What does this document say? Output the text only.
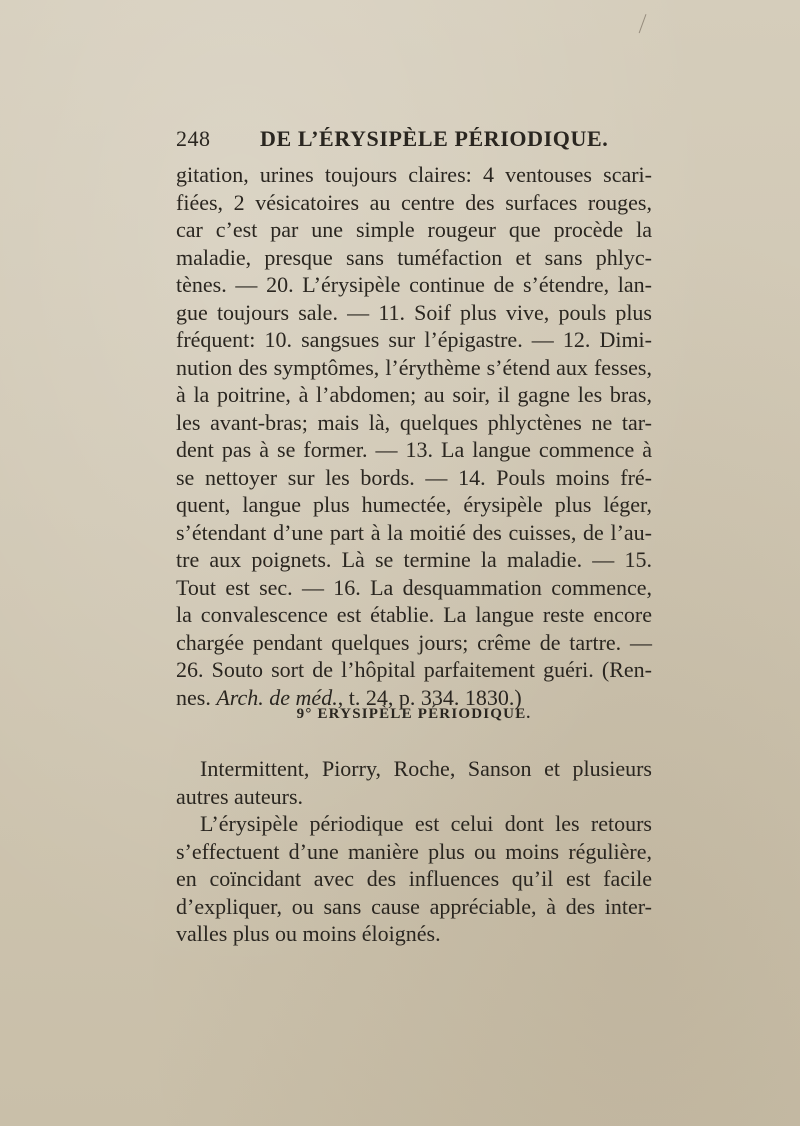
248 DE L’ÉRYSIPÈLE PÉRIODIQUE.
gitation, urines toujours claires: 4 ventouses scari-
fiées, 2 vésicatoires au centre des surfaces rouges,
car c’est par une simple rougeur que procède la
maladie, presque sans tuméfaction et sans phlyc-
tènes. — 20. L’érysipèle continue de s’étendre, lan-
gue toujours sale. — 11. Soif plus vive, pouls plus
fréquent: 10. sangsues sur l’épigastre. — 12. Dimi-
nution des symptômes, l’érythème s’étend aux fesses,
à la poitrine, à l’abdomen; au soir, il gagne les bras,
les avant-bras; mais là, quelques phlyctènes ne tar-
dent pas à se former. — 13. La langue commence à
se nettoyer sur les bords. — 14. Pouls moins fré-
quent, langue plus humectée, érysipèle plus léger,
s’étendant d’une part à la moitié des cuisses, de l’au-
tre aux poignets. Là se termine la maladie. — 15.
Tout est sec. — 16. La desquammation commence,
la convalescence est établie. La langue reste encore
chargée pendant quelques jours; crême de tartre. —
26. Souto sort de l’hôpital parfaitement guéri. (Ren-
nes. Arch. de méd., t. 24, p. 334. 1830.)
9° ERYSIPÈLE PÉRIODIQUE.
Intermittent, Piorry, Roche, Sanson et plusieurs
autres auteurs.
L’érysipèle périodique est celui dont les retours
s’effectuent d’une manière plus ou moins régulière,
en coïncidant avec des influences qu’il est facile
d’expliquer, ou sans cause appréciable, à des inter-
valles plus ou moins éloignés.
